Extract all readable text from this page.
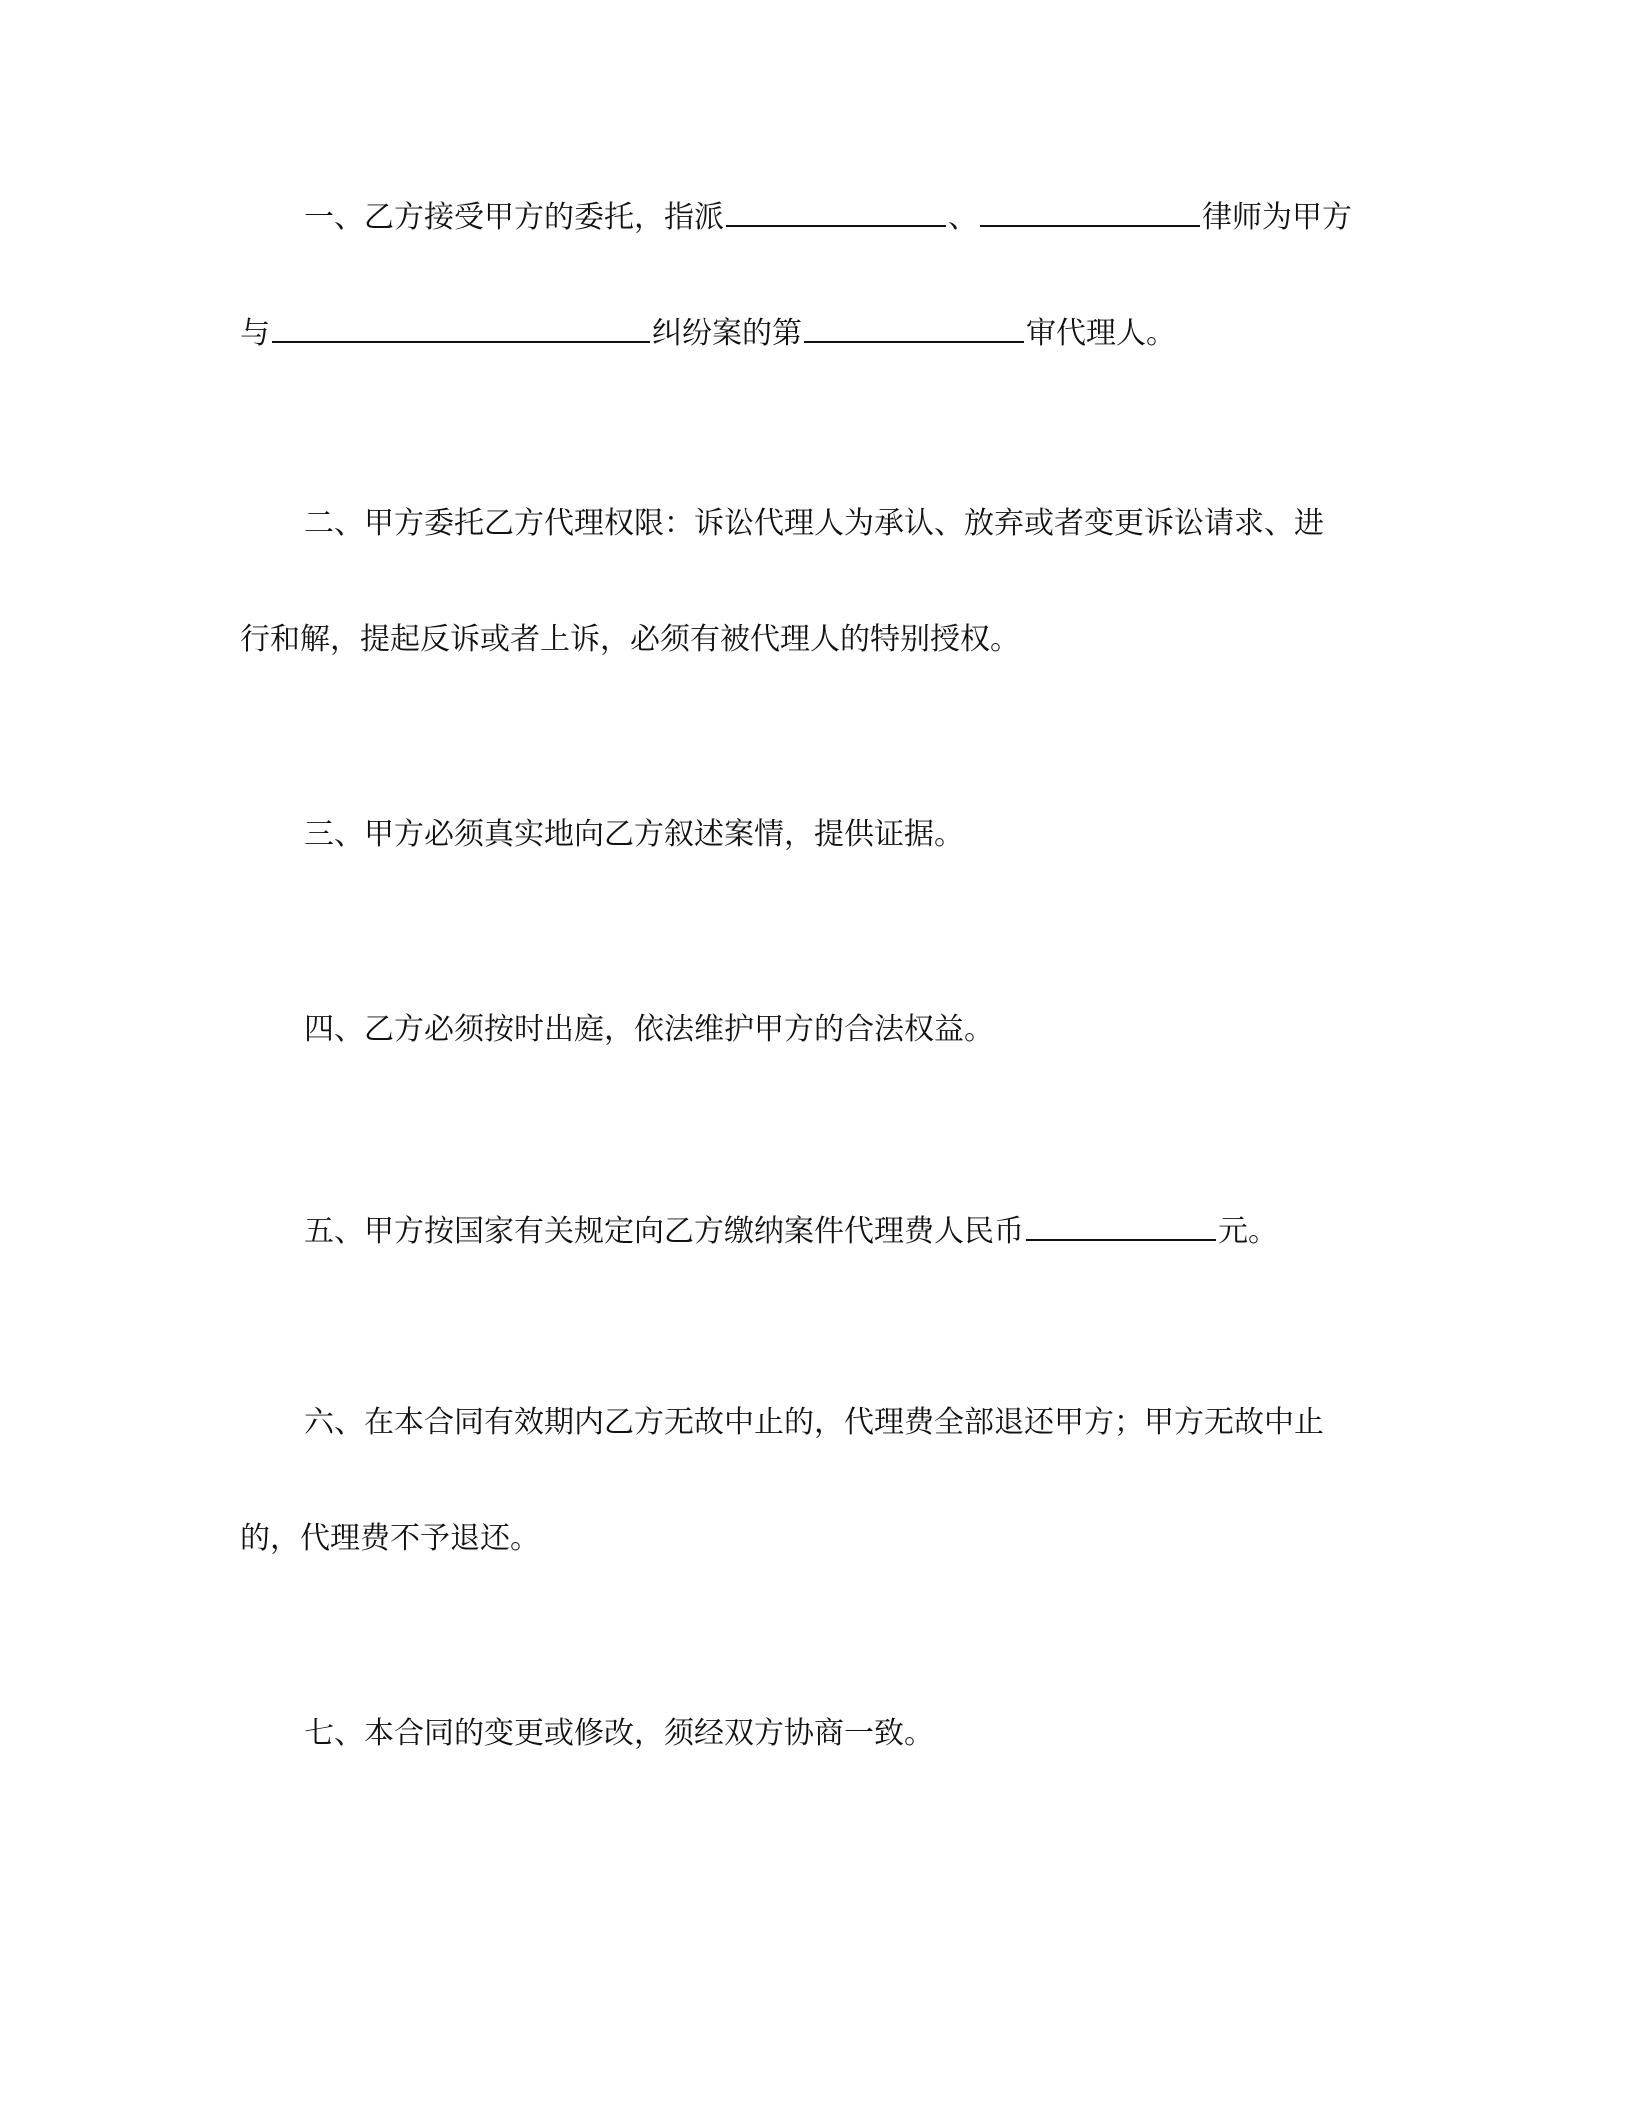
一、乙方接受甲方的委托，指派	、	律师为甲方
与	纠纷案的第	审代理人。
二、甲方委托乙方代理权限：诉讼代理人为承认、放弃或者变更诉讼请求、进
行和解，提起反诉或者上诉，必须有被代理人的特别授权。
三、甲方必须真实地向乙方叙述案情，提供证据。
四、乙方必须按时出庭，依法维护甲方的合法权益。
五、甲方按国家有关规定向乙方缴纳案件代理费人民币	元。
六、在本合同有效期内乙方无故中止的，代理费全部退还甲方；甲方无故中止
的，代理费不予退还。
七、本合同的变更或修改，须经双方协商一致。
